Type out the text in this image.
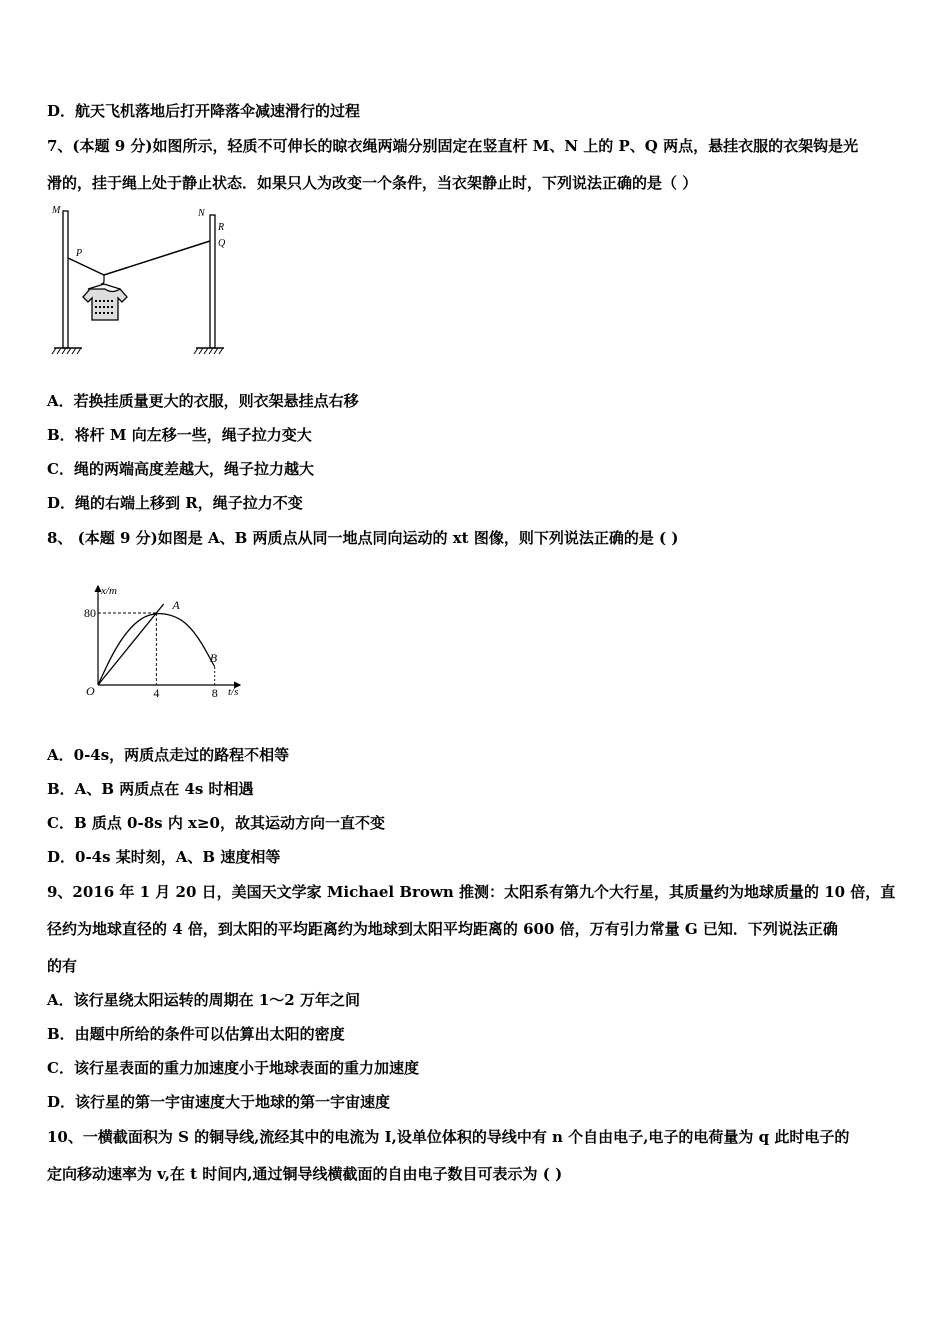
D．航天飞机落地后打开降落伞减速滑行的过程
7、(本题 9 分)如图所示，轻质不可伸长的晾衣绳两端分别固定在竖直杆 M、N 上的 P、Q 两点，悬挂衣服的衣架钩是光
滑的，挂于绳上处于静止状态．如果只人为改变一个条件，当衣架静止时，下列说法正确的是（ ）
M
P
N
R
Q
A．若换挂质量更大的衣服，则衣架悬挂点右移
B．将杆 M 向左移一些，绳子拉力变大
C．绳的两端高度差越大，绳子拉力越大
D．绳的右端上移到 R，绳子拉力不变
8、 (本题 9 分)如图是 A、B 两质点从同一地点同向运动的 xt 图像，则下列说法正确的是 ( )
x/m
t/s
O
80
4	8
A
B
A．0-4s，两质点走过的路程不相等
B．A、B 两质点在 4s 时相遇
C．B 质点 0-8s 内 x≥0，故其运动方向一直不变
D．0-4s 某时刻，A、B 速度相等
9、2016 年 1 月 20 日，美国天文学家 Michael Brown 推测：太阳系有第九个大行星，其质量约为地球质量的 10 倍，直
径约为地球直径的 4 倍，到太阳的平均距离约为地球到太阳平均距离的 600 倍，万有引力常量 G 已知．下列说法正确
的有
A．该行星绕太阳运转的周期在 1～2 万年之间
B．由题中所给的条件可以估算出太阳的密度
C．该行星表面的重力加速度小于地球表面的重力加速度
D．该行星的第一宇宙速度大于地球的第一宇宙速度
10、一横截面积为 S 的铜导线,流经其中的电流为 I,设单位体积的导线中有 n 个自由电子,电子的电荷量为 q 此时电子的
定向移动速率为 v,在 t 时间内,通过铜导线横截面的自由电子数目可表示为 ( )
